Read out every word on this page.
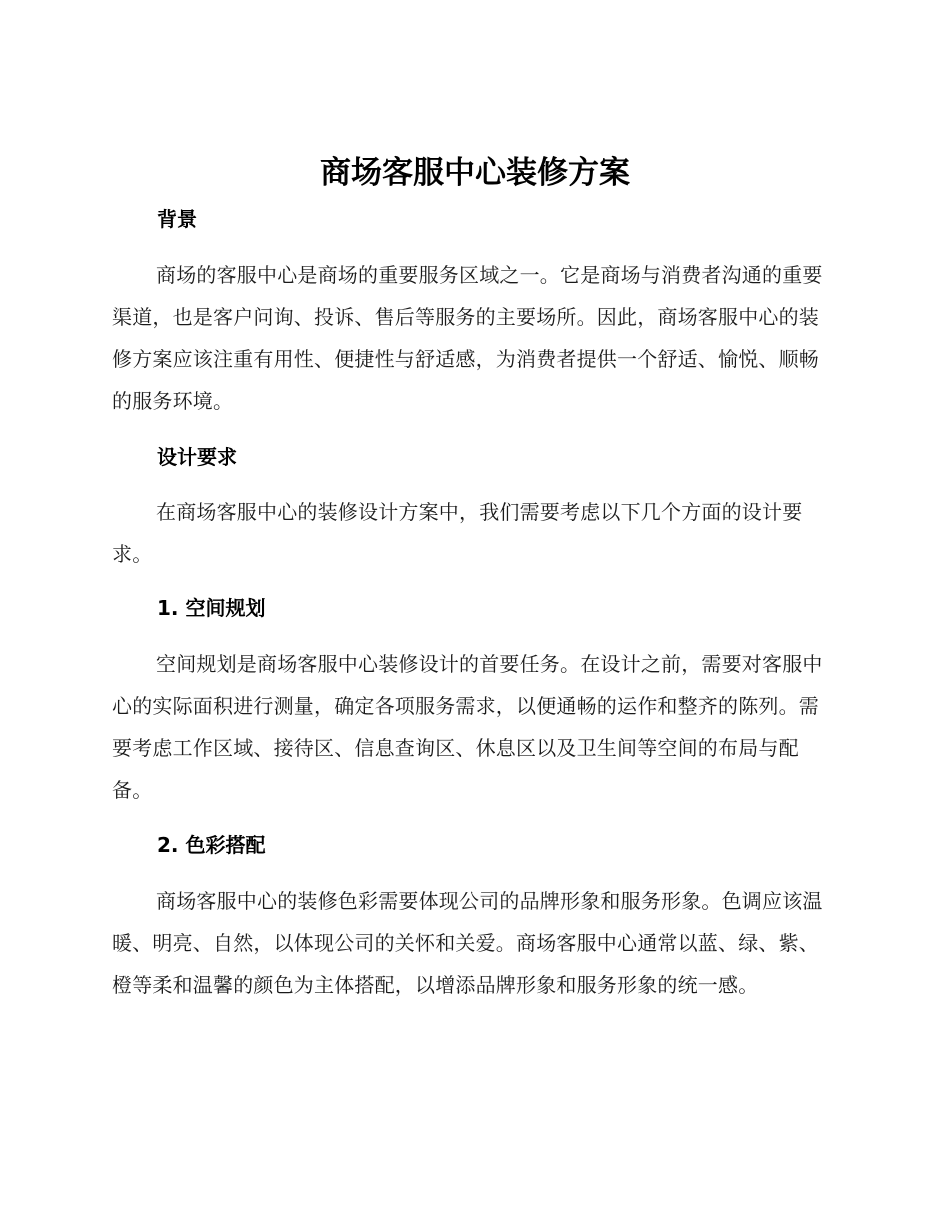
商场客服中心装修方案
背景

商场的客服中心是商场的重要服务区域之一。它是商场与消费者沟通的重要渠道，也是客户问询、投诉、售后等服务的主要场所。因此，商场客服中心的装修方案应该注重有用性、便捷性与舒适感，为消费者提供一个舒适、愉悦、顺畅的服务环境。

设计要求

在商场客服中心的装修设计方案中，我们需要考虑以下几个方面的设计要求。

1. 空间规划

空间规划是商场客服中心装修设计的首要任务。在设计之前，需要对客服中心的实际面积进行测量，确定各项服务需求，以便通畅的运作和整齐的陈列。需要考虑工作区域、接待区、信息查询区、休息区以及卫生间等空间的布局与配备。

2. 色彩搭配

商场客服中心的装修色彩需要体现公司的品牌形象和服务形象。色调应该温暖、明亮、自然，以体现公司的关怀和关爱。商场客服中心通常以蓝、绿、紫、橙等柔和温馨的颜色为主体搭配，以增添品牌形象和服务形象的统一感。
